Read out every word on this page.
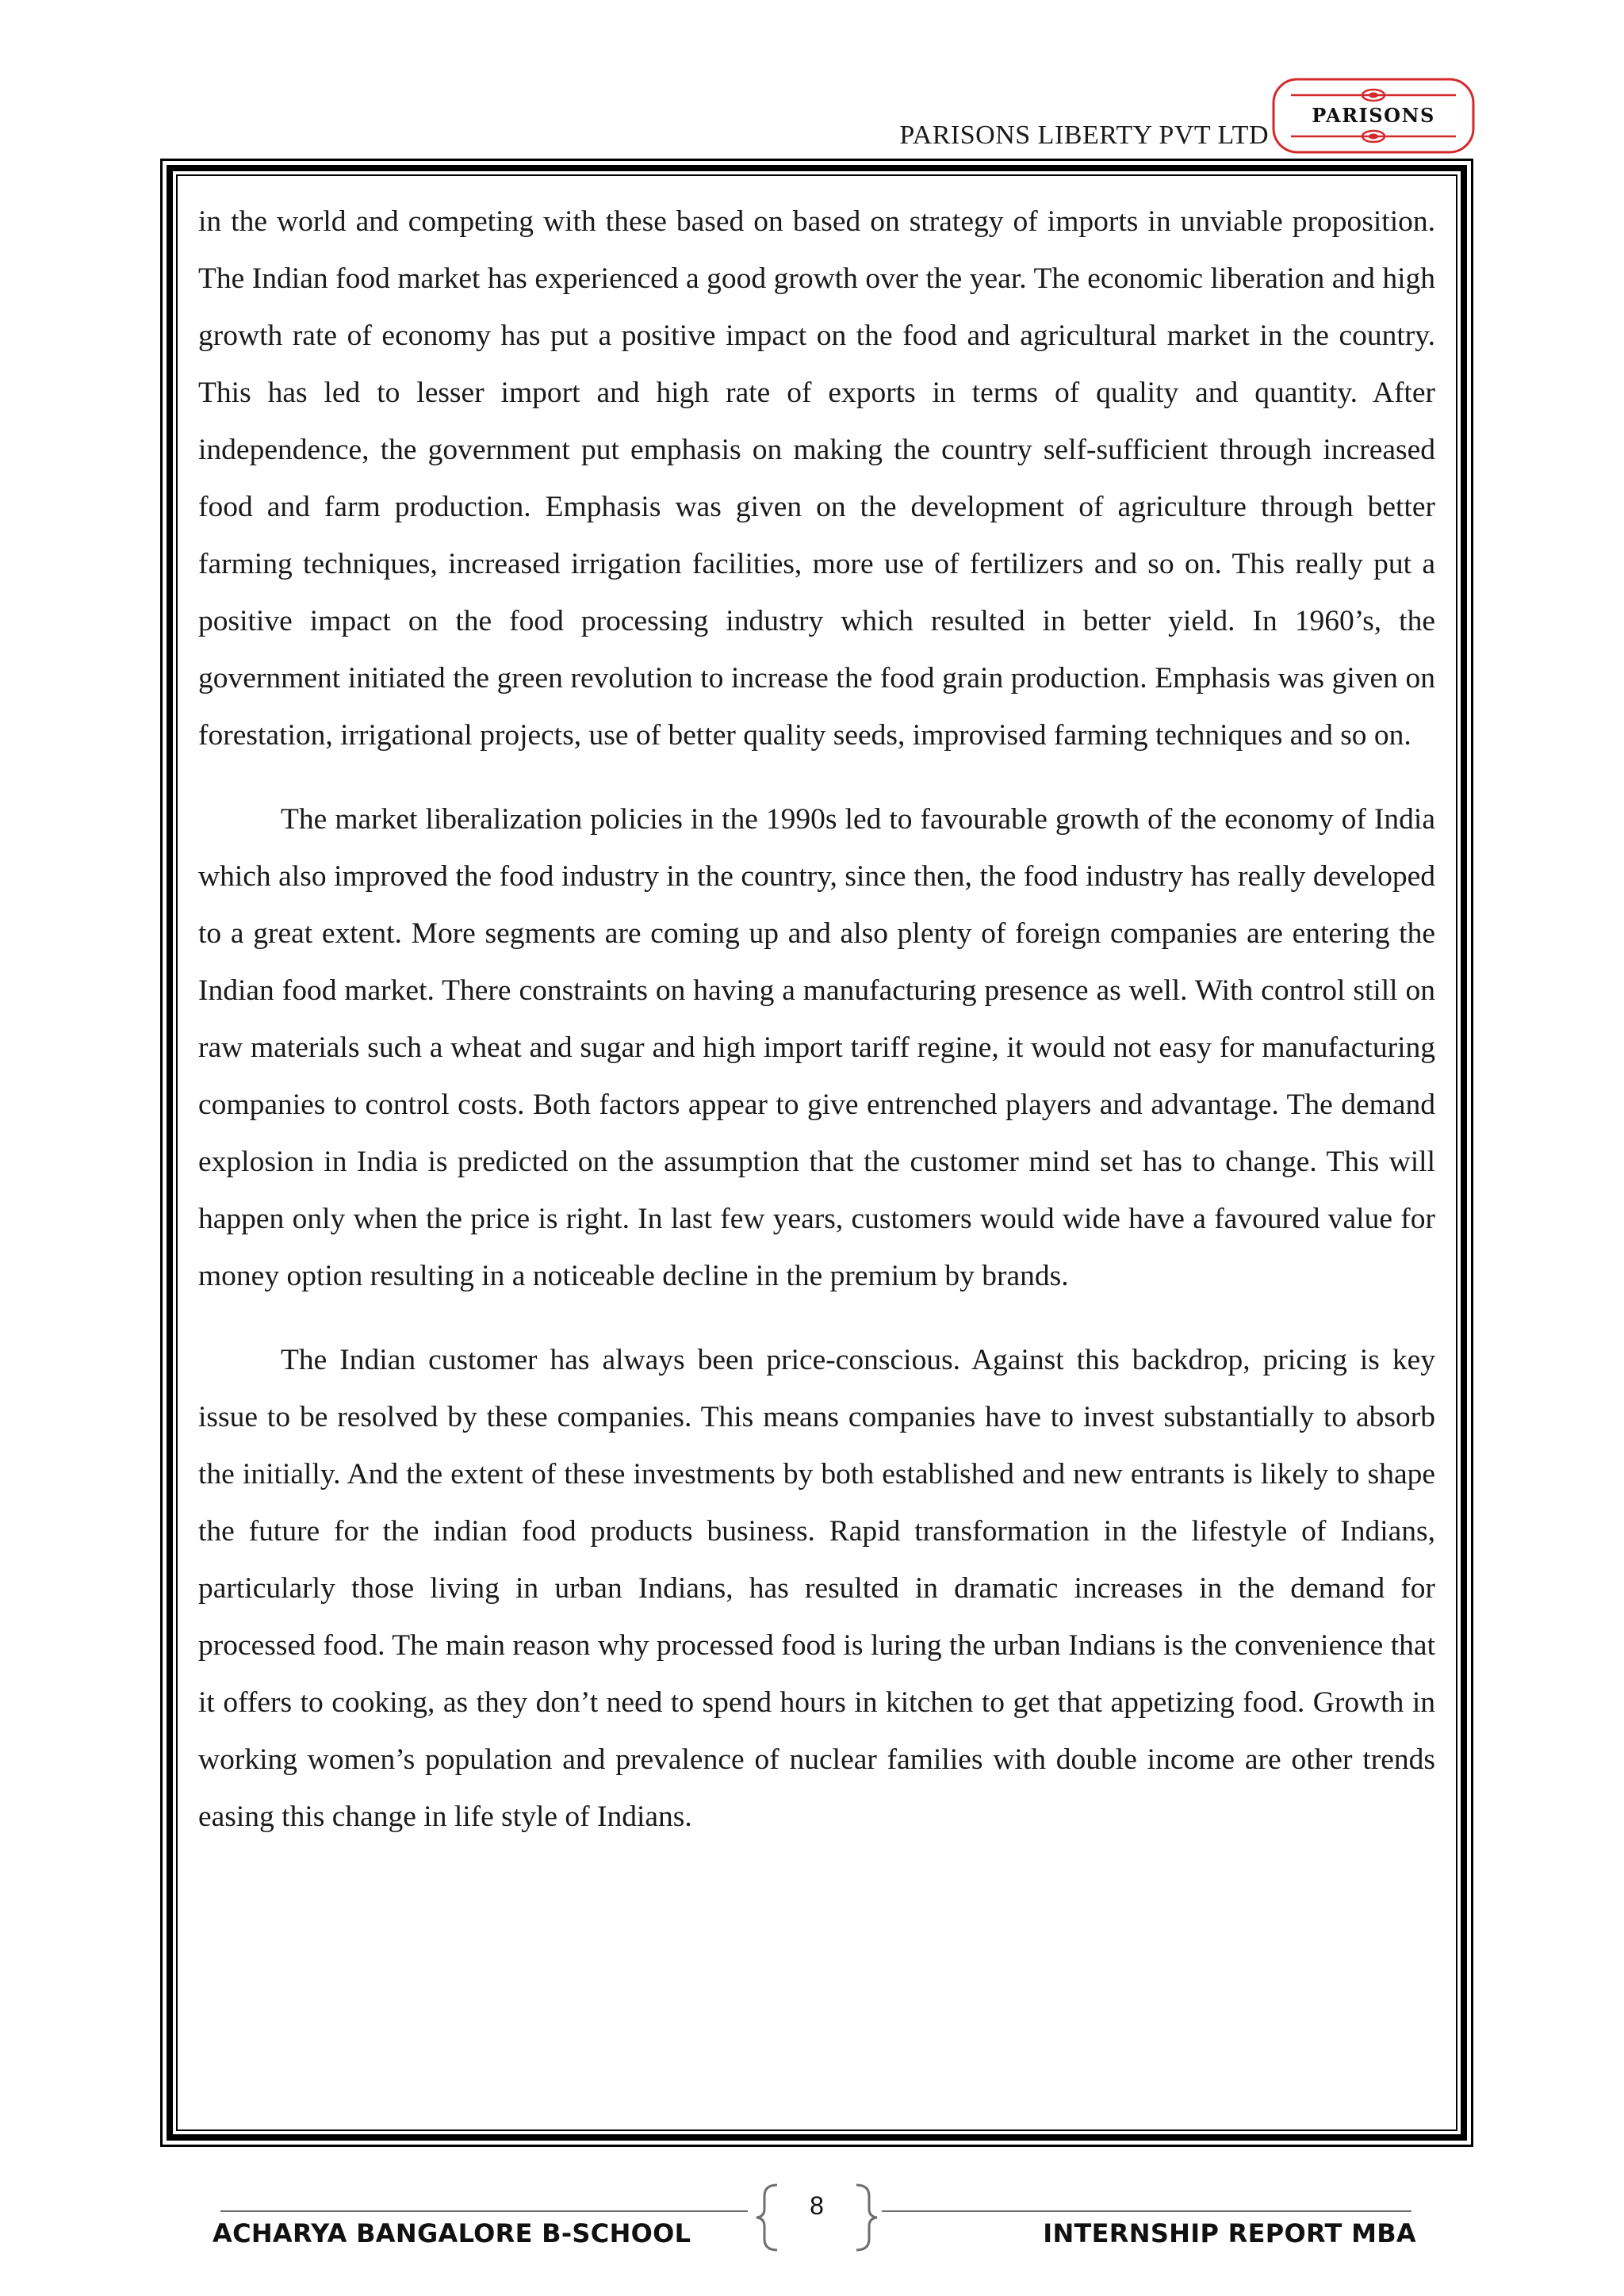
PARISONS LIBERTY PVT LTD
PARISONS

in the world and competing with these based on based on strategy of imports in unviable proposition. The Indian food market has experienced a good growth over the year. The economic liberation and high growth rate of economy has put a positive impact on the food and agricultural market in the country. This has led to lesser import and high rate of exports in terms of quality and quantity. After independence, the government put emphasis on making the country self-sufficient through increased food and farm production. Emphasis was given on the development of agriculture through better farming techniques, increased irrigation facilities, more use of fertilizers and so on. This really put a positive impact on the food processing industry which resulted in better yield. In 1960’s, the government initiated the green revolution to increase the food grain production. Emphasis was given on forestation, irrigational projects, use of better quality seeds, improvised farming techniques and so on.

The market liberalization policies in the 1990s led to favourable growth of the economy of India which also improved the food industry in the country, since then, the food industry has really developed to a great extent. More segments are coming up and also plenty of foreign companies are entering the Indian food market. There constraints on having a manufacturing presence as well. With control still on raw materials such a wheat and sugar and high import tariff regine, it would not easy for manufacturing companies to control costs. Both factors appear to give entrenched players and advantage. The demand explosion in India is predicted on the assumption that the customer mind set has to change. This will happen only when the price is right. In last few years, customers would wide have a favoured value for money option resulting in a noticeable decline in the premium by brands.

The Indian customer has always been price-conscious. Against this backdrop, pricing is key issue to be resolved by these companies. This means companies have to invest substantially to absorb the initially. And the extent of these investments by both established and new entrants is likely to shape the future for the indian food products business. Rapid transformation in the lifestyle of Indians, particularly those living in urban Indians, has resulted in dramatic increases in the demand for processed food. The main reason why processed food is luring the urban Indians is the convenience that it offers to cooking, as they don’t need to spend hours in kitchen to get that appetizing food. Growth in working women’s population and prevalence of nuclear families with double income are other trends easing this change in life style of Indians.

8
ACHARYA BANGALORE B-SCHOOL	INTERNSHIP REPORT MBA
